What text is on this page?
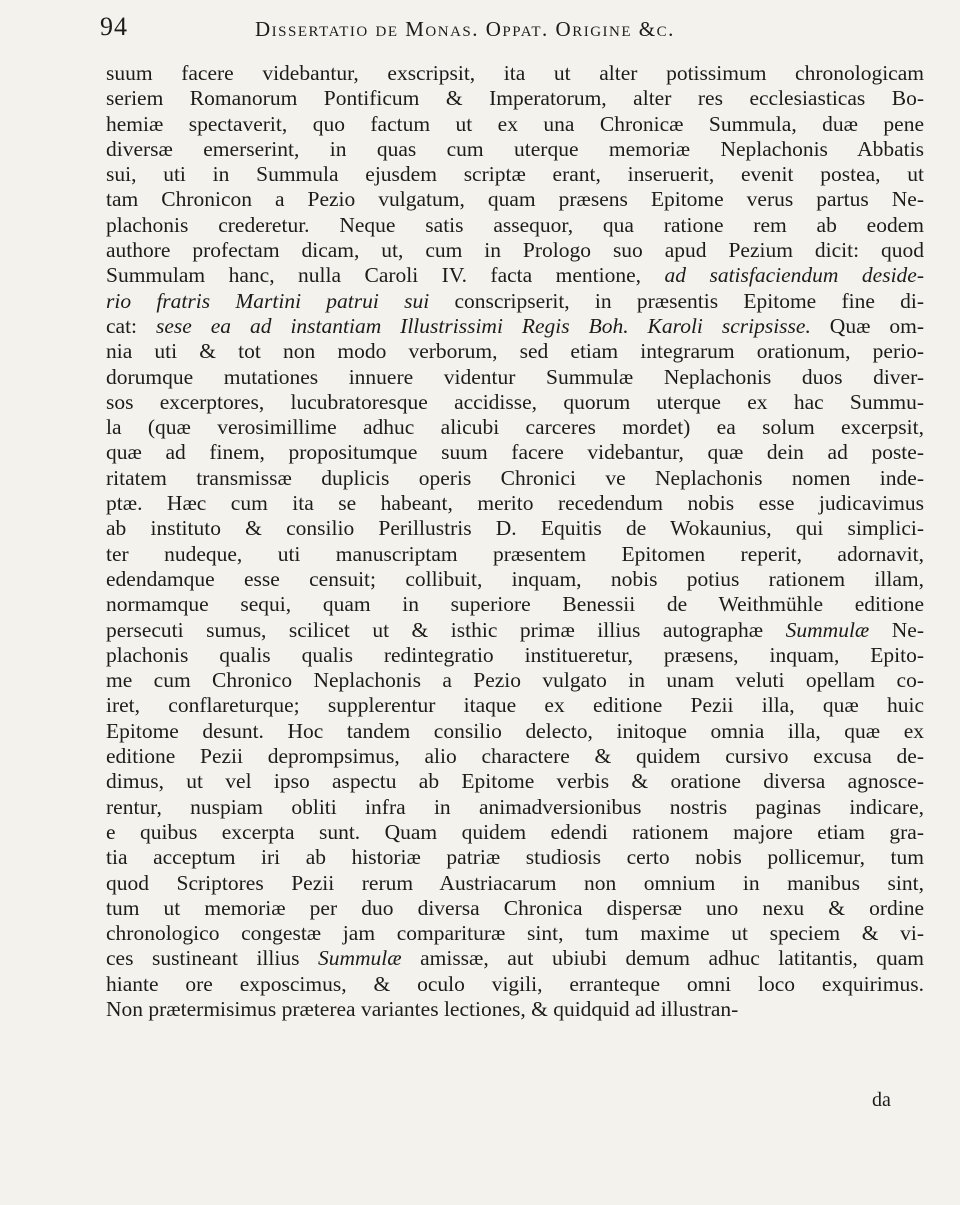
94	Dissertatio de Monas. Oppat. Origine &c.
suum facere videbantur, exscripsit, ita ut alter potissimum chronologicam
seriem Romanorum Pontificum & Imperatorum, alter res ecclesiasticas Bo-
hemiæ spectaverit, quo factum ut ex una Chronicæ Summula, duæ pene
diversæ emerserint, in quas cum uterque memoriæ Neplachonis Abbatis
sui, uti in Summula ejusdem scriptæ erant, inseruerit, evenit postea, ut
tam Chronicon a Pezio vulgatum, quam præsens Epitome verus partus Ne-
plachonis crederetur. Neque satis assequor, qua ratione rem ab eodem
authore profectam dicam, ut, cum in Prologo suo apud Pezium dicit: quod
Summulam hanc, nulla Caroli IV. facta mentione, ad satisfaciendum deside-
rio fratris Martini patrui sui conscripserit, in præsentis Epitome fine di-
cat: sese ea ad instantiam Illustrissimi Regis Boh. Karoli scripsisse. Quæ om-
nia uti & tot non modo verborum, sed etiam integrarum orationum, perio-
dorumque mutationes innuere videntur Summulæ Neplachonis duos diver-
sos excerptores, lucubratoresque accidisse, quorum uterque ex hac Summu-
la (quæ verosimillime adhuc alicubi carceres mordet) ea solum excerpsit,
quæ ad finem, propositumque suum facere videbantur, quæ dein ad poste-
ritatem transmissæ duplicis operis Chronici ve Neplachonis nomen inde-
ptæ. Hæc cum ita se habeant, merito recedendum nobis esse judicavimus
ab instituto & consilio Perillustris D. Equitis de Wokaunius, qui simplici-
ter nudeque, uti manuscriptam præsentem Epitomen reperit, adornavit,
edendamque esse censuit; collibuit, inquam, nobis potius rationem illam,
normamque sequi, quam in superiore Benessii de Weithmühle editione
persecuti sumus, scilicet ut & isthic primæ illius autographæ Summulæ Ne-
plachonis qualis qualis redintegratio institueretur, præsens, inquam, Epito-
me cum Chronico Neplachonis a Pezio vulgato in unam veluti opellam co-
iret, conflareturque; supplerentur itaque ex editione Pezii illa, quæ huic
Epitome desunt. Hoc tandem consilio delecto, initoque omnia illa, quæ ex
editione Pezii deprompsimus, alio charactere & quidem cursivo excusa de-
dimus, ut vel ipso aspectu ab Epitome verbis & oratione diversa agnosce-
rentur, nuspiam obliti infra in animadversionibus nostris paginas indicare,
e quibus excerpta sunt. Quam quidem edendi rationem majore etiam gra-
tia acceptum iri ab historiæ patriæ studiosis certo nobis pollicemur, tum
quod Scriptores Pezii rerum Austriacarum non omnium in manibus sint,
tum ut memoriæ per duo diversa Chronica dispersæ uno nexu & ordine
chronologico congestæ jam comparituræ sint, tum maxime ut speciem & vi-
ces sustineant illius Summulæ amissæ, aut ubiubi demum adhuc latitantis, quam
hiante ore exposcimus, & oculo vigili, erranteque omni loco exquirimus.
Non prætermisimus præterea variantes lectiones, & quidquid ad illustran-
da
